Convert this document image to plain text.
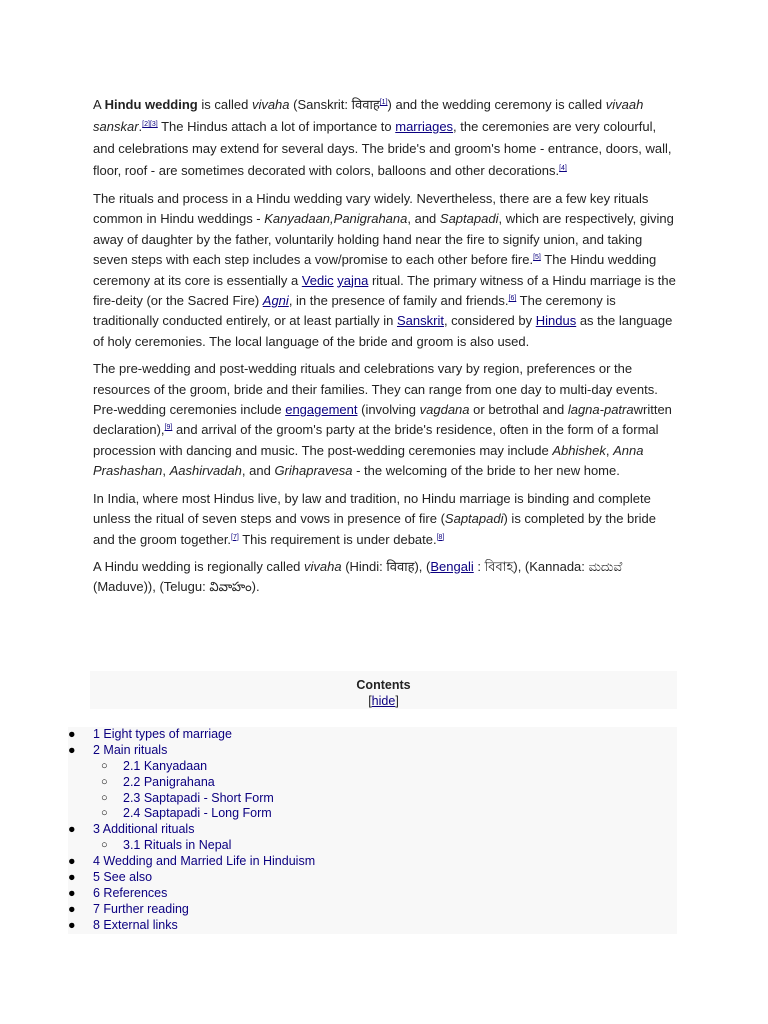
A Hindu wedding is called vivaha (Sanskrit: विवाह[1]) and the wedding ceremony is called vivaah sanskar.[2][3] The Hindus attach a lot of importance to marriages, the ceremonies are very colourful, and celebrations may extend for several days. The bride's and groom's home - entrance, doors, wall, floor, roof - are sometimes decorated with colors, balloons and other decorations.[4]

The rituals and process in a Hindu wedding vary widely. Nevertheless, there are a few key rituals common in Hindu weddings - Kanyadaan,Panigrahana, and Saptapadi, which are respectively, giving away of daughter by the father, voluntarily holding hand near the fire to signify union, and taking seven steps with each step includes a vow/promise to each other before fire.[5] The Hindu wedding ceremony at its core is essentially a Vedic yajna ritual. The primary witness of a Hindu marriage is the fire-deity (or the Sacred Fire) Agni, in the presence of family and friends.[6] The ceremony is traditionally conducted entirely, or at least partially in Sanskrit, considered by Hindus as the language of holy ceremonies. The local language of the bride and groom is also used.

The pre-wedding and post-wedding rituals and celebrations vary by region, preferences or the resources of the groom, bride and their families. They can range from one day to multi-day events. Pre-wedding ceremonies include engagement (involving vagdana or betrothal and lagna-patrawritten declaration),[9] and arrival of the groom's party at the bride's residence, often in the form of a formal procession with dancing and music. The post-wedding ceremonies may include Abhishek, Anna Prashashan, Aashirvadah, and Grihapravesa - the welcoming of the bride to her new home.

In India, where most Hindus live, by law and tradition, no Hindu marriage is binding and complete unless the ritual of seven steps and vows in presence of fire (Saptapadi) is completed by the bride and the groom together.[7] This requirement is under debate.[8]

A Hindu wedding is regionally called vivaha (Hindi: विवाह), (Bengali : বিবাহ), (Kannada: ಮದುವೆ (Maduve)), (Telugu: వివాహం).

Contents
[hide]
● 1 Eight types of marriage
● 2 Main rituals
○ 2.1 Kanyadaan
○ 2.2 Panigrahana
○ 2.3 Saptapadi - Short Form
○ 2.4 Saptapadi - Long Form
● 3 Additional rituals
○ 3.1 Rituals in Nepal
● 4 Wedding and Married Life in Hinduism
● 5 See also
● 6 References
● 7 Further reading
● 8 External links
